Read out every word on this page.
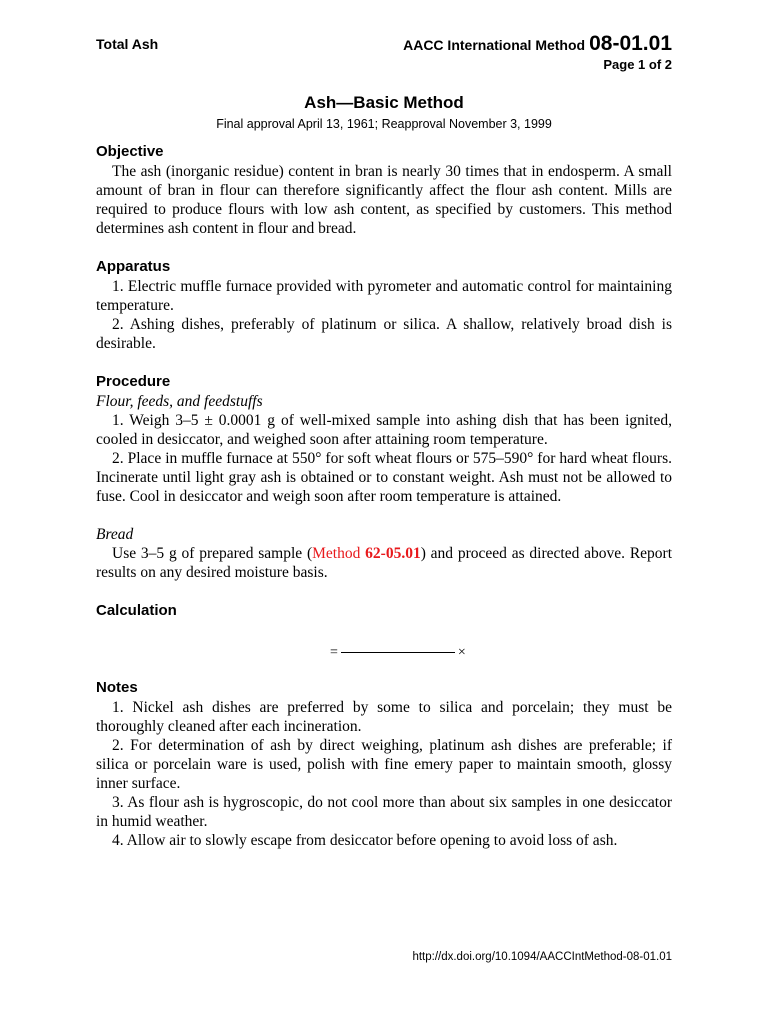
Total Ash	AACC International Method 08-01.01
Page 1 of 2
Ash—Basic Method
Final approval April 13, 1961; Reapproval November 3, 1999
Objective

The ash (inorganic residue) content in bran is nearly 30 times that in endosperm. A small amount of bran in flour can therefore significantly affect the flour ash content. Mills are required to produce flours with low ash content, as specified by customers. This method determines ash content in flour and bread.

Apparatus

1. Electric muffle furnace provided with pyrometer and automatic control for maintaining temperature.

2. Ashing dishes, preferably of platinum or silica. A shallow, relatively broad dish is desirable.

Procedure

Flour, feeds, and feedstuffs

1. Weigh 3–5 ± 0.0001 g of well-mixed sample into ashing dish that has been ignited, cooled in desiccator, and weighed soon after attaining room temperature.

2. Place in muffle furnace at 550° for soft wheat flours or 575–590° for hard wheat flours. Incinerate until light gray ash is obtained or to constant weight. Ash must not be allowed to fuse. Cool in desiccator and weigh soon after room temperature is attained.

Bread

Use 3–5 g of prepared sample (Method 62-05.01) and proceed as directed above. Report results on any desired moisture basis.

Calculation
=	×
Notes

1. Nickel ash dishes are preferred by some to silica and porcelain; they must be thoroughly cleaned after each incineration.

2. For determination of ash by direct weighing, platinum ash dishes are preferable; if silica or porcelain ware is used, polish with fine emery paper to maintain smooth, glossy inner surface.

3. As flour ash is hygroscopic, do not cool more than about six samples in one desiccator in humid weather.

4. Allow air to slowly escape from desiccator before opening to avoid loss of ash.

http://dx.doi.org/10.1094/AACCIntMethod-08-01.01
